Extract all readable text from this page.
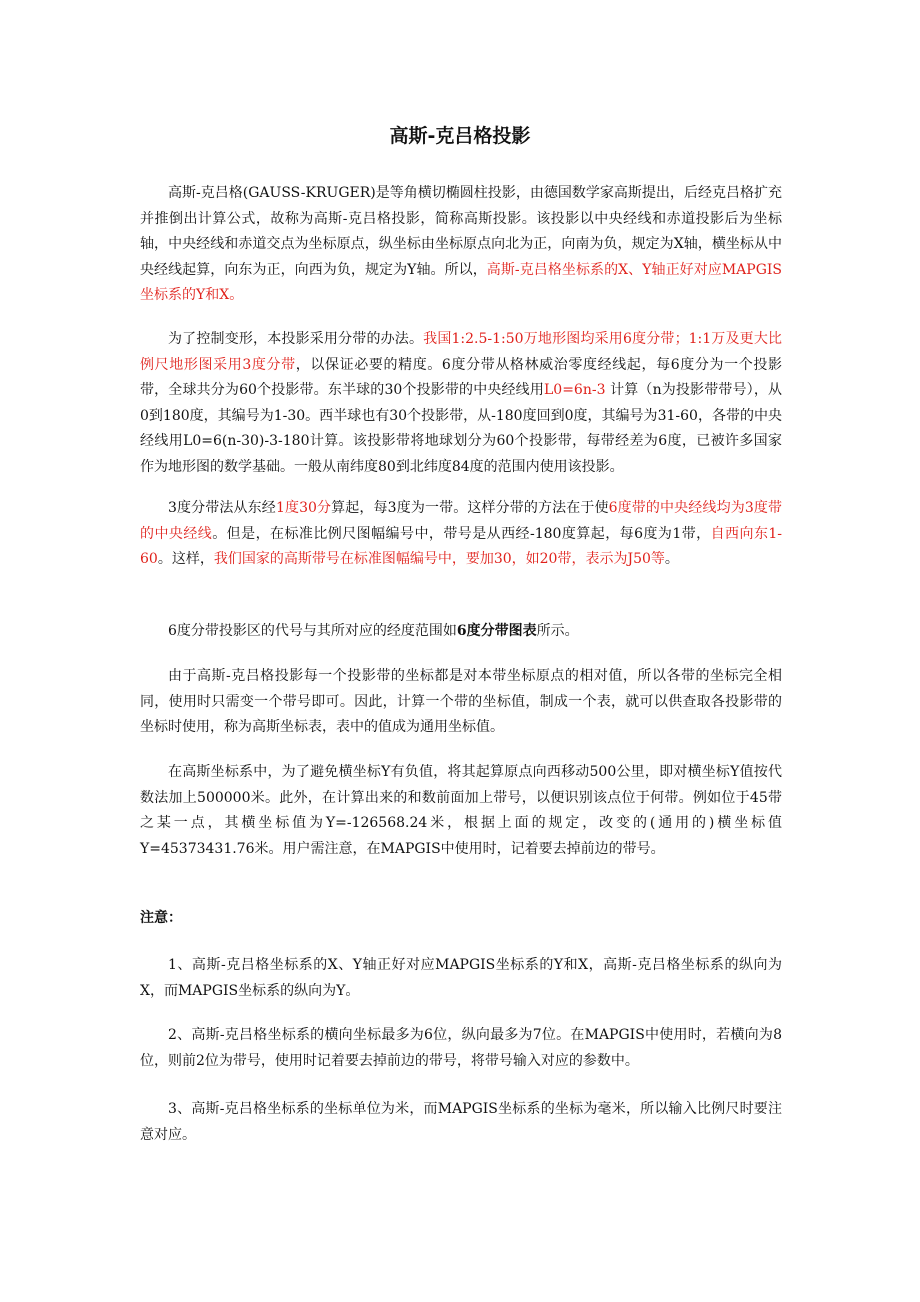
高斯-克吕格投影

高斯-克吕格(GAUSS-KRUGER)是等角横切椭圆柱投影，由德国数学家高斯提出，后经克吕格扩充并推倒出计算公式，故称为高斯-克吕格投影，简称高斯投影。该投影以中央经线和赤道投影后为坐标轴，中央经线和赤道交点为坐标原点，纵坐标由坐标原点向北为正，向南为负，规定为X轴，横坐标从中央经线起算，向东为正，向西为负，规定为Y轴。所以，高斯-克吕格坐标系的X、Y轴正好对应MAPGIS坐标系的Y和X。

为了控制变形，本投影采用分带的办法。我国1:2.5-1:50万地形图均采用6度分带；1:1万及更大比例尺地形图采用3度分带，以保证必要的精度。6度分带从格林威治零度经线起，每6度分为一个投影带，全球共分为60个投影带。东半球的30个投影带的中央经线用L0=6n-3 计算（n为投影带带号），从0到180度，其编号为1-30。西半球也有30个投影带，从-180度回到0度，其编号为31-60，各带的中央经线用L0=6(n-30)-3-180计算。该投影带将地球划分为60个投影带，每带经差为6度，已被许多国家作为地形图的数学基础。一般从南纬度80到北纬度84度的范围内使用该投影。

3度分带法从东经1度30分算起，每3度为一带。这样分带的方法在于使6度带的中央经线均为3度带的中央经线。但是，在标准比例尺图幅编号中，带号是从西经-180度算起，每6度为1带，自西向东1-60。这样，我们国家的高斯带号在标准图幅编号中，要加30，如20带，表示为J50等。

6度分带投影区的代号与其所对应的经度范围如6度分带图表所示。

由于高斯-克吕格投影每一个投影带的坐标都是对本带坐标原点的相对值，所以各带的坐标完全相同，使用时只需变一个带号即可。因此，计算一个带的坐标值，制成一个表，就可以供查取各投影带的坐标时使用，称为高斯坐标表，表中的值成为通用坐标值。

在高斯坐标系中，为了避免横坐标Y有负值，将其起算原点向西移动500公里，即对横坐标Y值按代数法加上500000米。此外，在计算出来的和数前面加上带号，以便识别该点位于何带。例如位于45带之某一点，其横坐标值为Y=-126568.24米，根据上面的规定，改变的(通用的)横坐标值Y=45373431.76米。用户需注意，在MAPGIS中使用时，记着要去掉前边的带号。

注意：

1、高斯-克吕格坐标系的X、Y轴正好对应MAPGIS坐标系的Y和X，高斯-克吕格坐标系的纵向为X，而MAPGIS坐标系的纵向为Y。

2、高斯-克吕格坐标系的横向坐标最多为6位，纵向最多为7位。在MAPGIS中使用时，若横向为8位，则前2位为带号，使用时记着要去掉前边的带号，将带号输入对应的参数中。

3、高斯-克吕格坐标系的坐标单位为米，而MAPGIS坐标系的坐标为毫米，所以输入比例尺时要注意对应。
